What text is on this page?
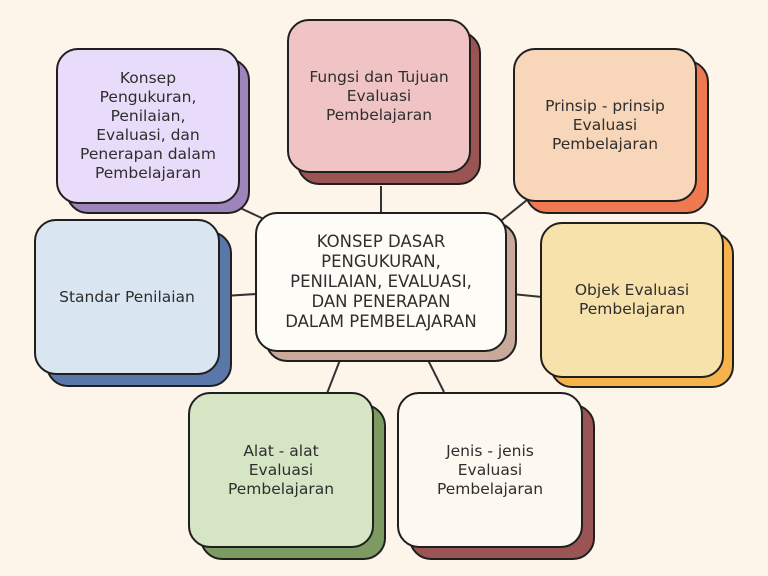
Konsep
Pengukuran,
Penilaian,
Evaluasi, dan
Penerapan dalam
Pembelajaran
Fungsi dan Tujuan
Evaluasi
Pembelajaran	Prinsip - prinsip
Evaluasi
Pembelajaran
Standar Penilaian
KONSEP DASAR
PENGUKURAN,
PENILAIAN, EVALUASI,
DAN PENERAPAN
DALAM PEMBELAJARAN
Objek Evaluasi
Pembelajaran
Alat - alat
Evaluasi
Pembelajaran
Jenis - jenis
Evaluasi
Pembelajaran
